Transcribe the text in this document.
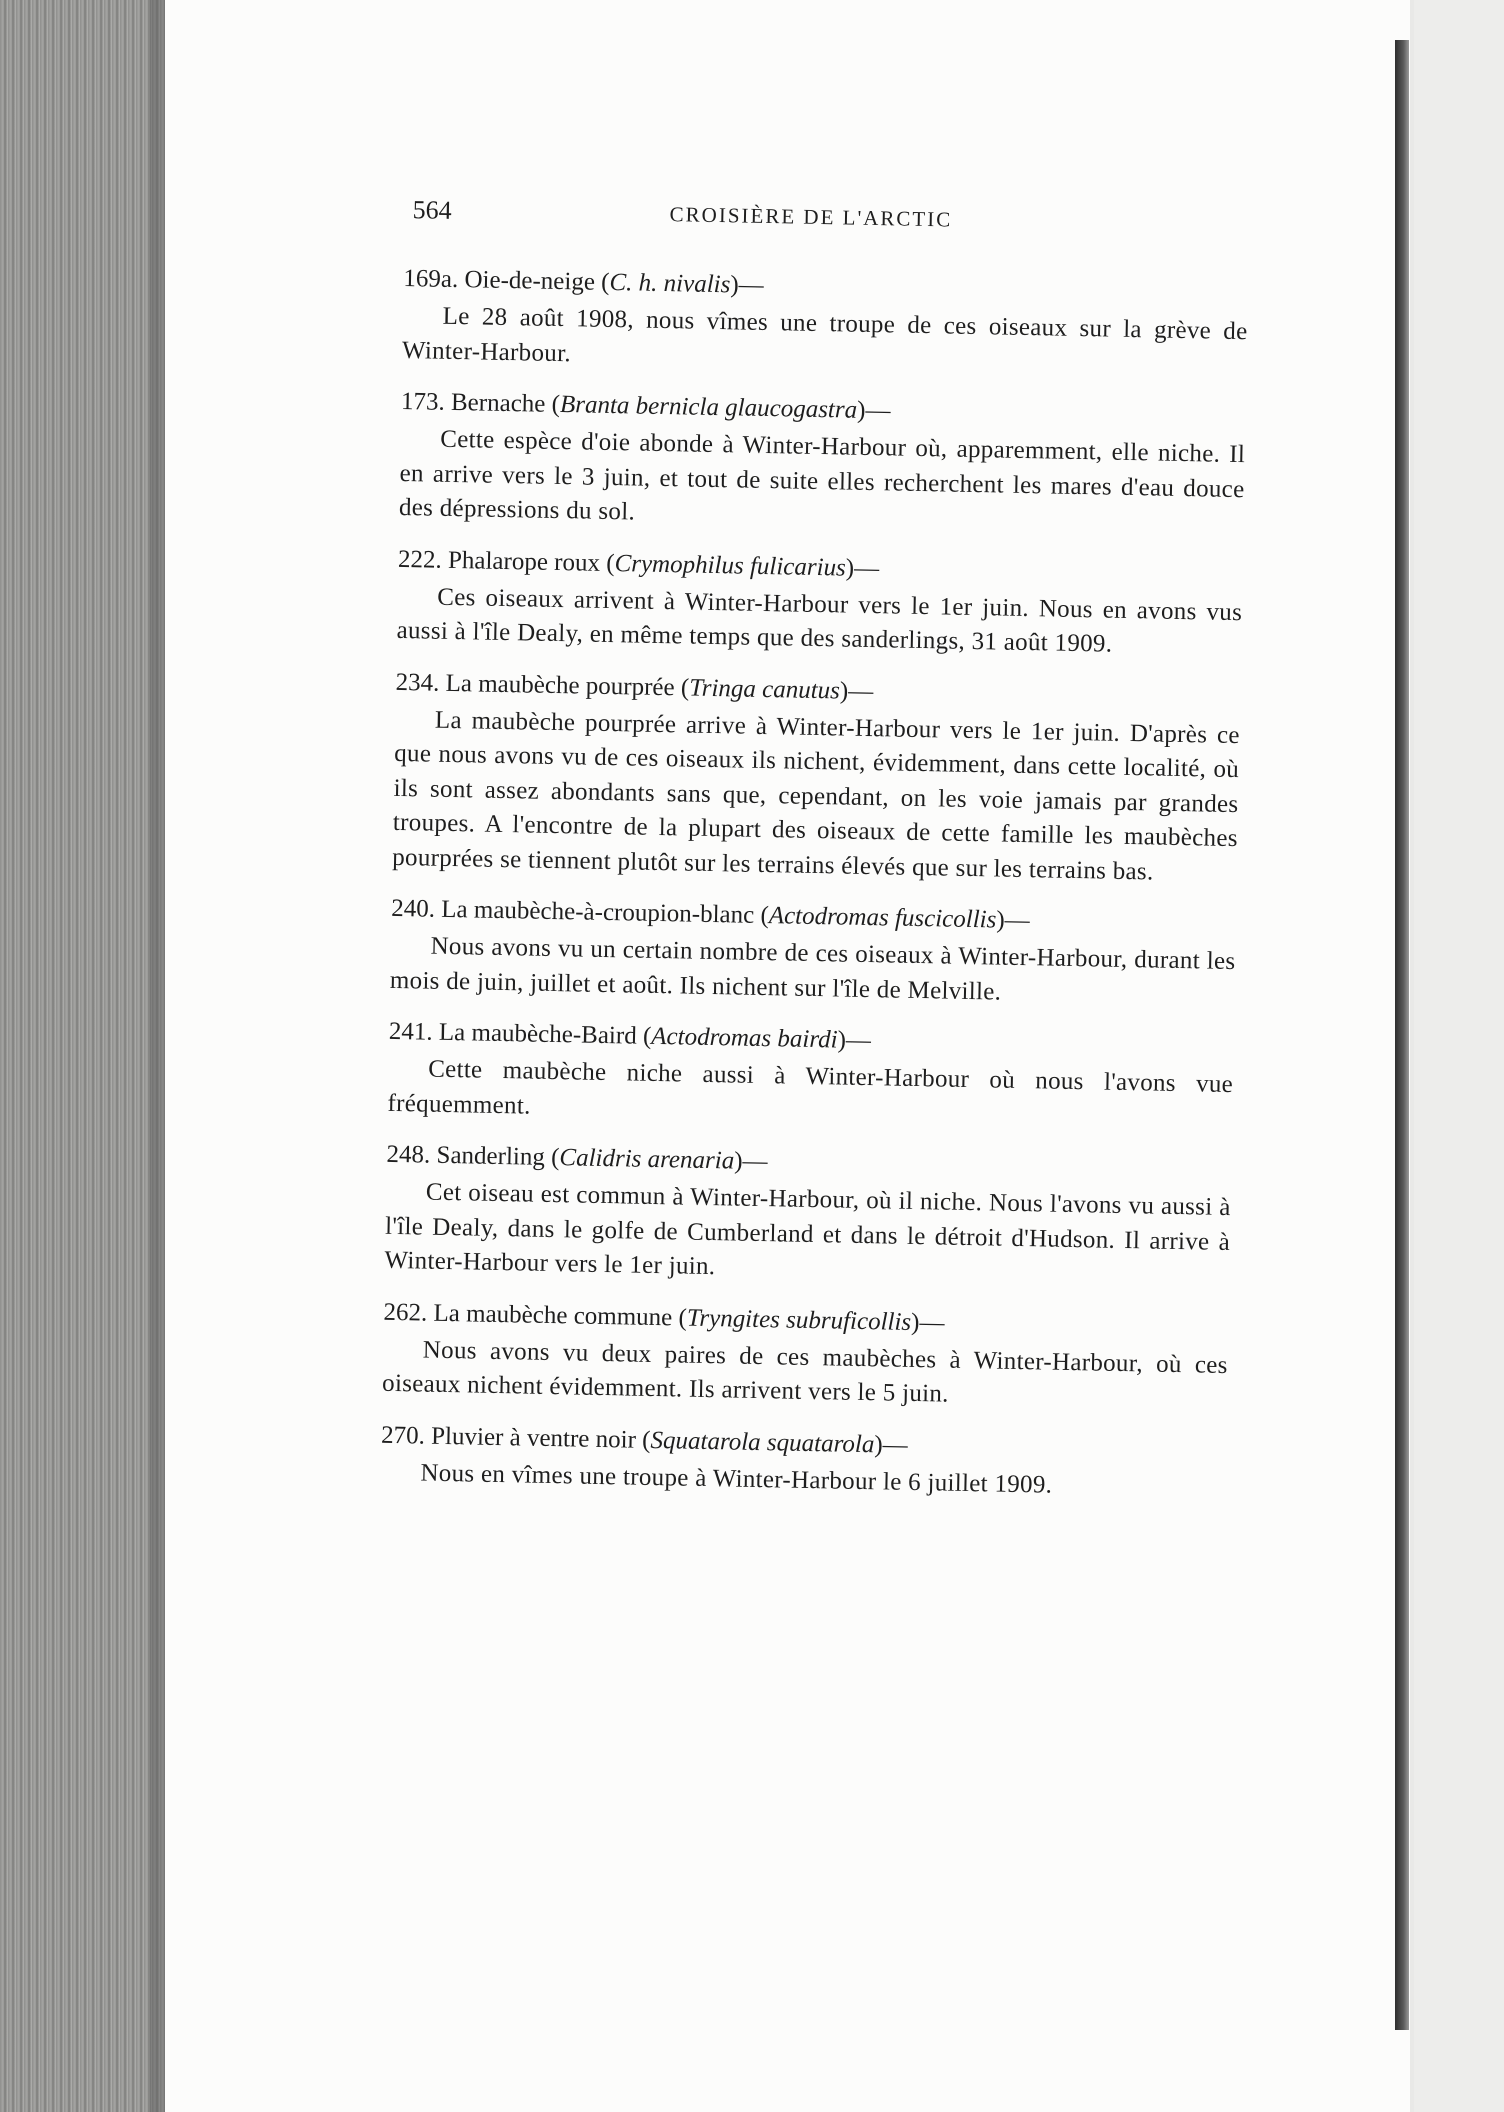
564	CROISIÈRE DE L'ARCTIC

169a. Oie-de-neige (C. h. nivalis)—

Le 28 août 1908, nous vîmes une troupe de ces oiseaux sur la grève de Winter-Harbour.

173. Bernache (Branta bernicla glaucogastra)—

Cette espèce d'oie abonde à Winter-Harbour où, apparemment, elle niche. Il en arrive vers le 3 juin, et tout de suite elles recherchent les mares d'eau douce des dépressions du sol.

222. Phalarope roux (Crymophilus fulicarius)—

Ces oiseaux arrivent à Winter-Harbour vers le 1er juin. Nous en avons vus aussi à l'île Dealy, en même temps que des sanderlings, 31 août 1909.

234. La maubèche pourprée (Tringa canutus)—

La maubèche pourprée arrive à Winter-Harbour vers le 1er juin. D'après ce que nous avons vu de ces oiseaux ils nichent, évidemment, dans cette localité, où ils sont assez abondants sans que, cependant, on les voie jamais par grandes troupes. A l'encontre de la plupart des oiseaux de cette famille les maubèches pourprées se tiennent plutôt sur les terrains élevés que sur les terrains bas.

240. La maubèche-à-croupion-blanc (Actodromas fuscicollis)—

Nous avons vu un certain nombre de ces oiseaux à Winter-Harbour, durant les mois de juin, juillet et août. Ils nichent sur l'île de Melville.

241. La maubèche-Baird (Actodromas bairdi)—

Cette maubèche niche aussi à Winter-Harbour où nous l'avons vue fréquemment.

248. Sanderling (Calidris arenaria)—

Cet oiseau est commun à Winter-Harbour, où il niche. Nous l'avons vu aussi à l'île Dealy, dans le golfe de Cumberland et dans le détroit d'Hudson. Il arrive à Winter-Harbour vers le 1er juin.

262. La maubèche commune (Tryngites subruficollis)—

Nous avons vu deux paires de ces maubèches à Winter-Harbour, où ces oiseaux nichent évidemment. Ils arrivent vers le 5 juin.

270. Pluvier à ventre noir (Squatarola squatarola)—

Nous en vîmes une troupe à Winter-Harbour le 6 juillet 1909.
